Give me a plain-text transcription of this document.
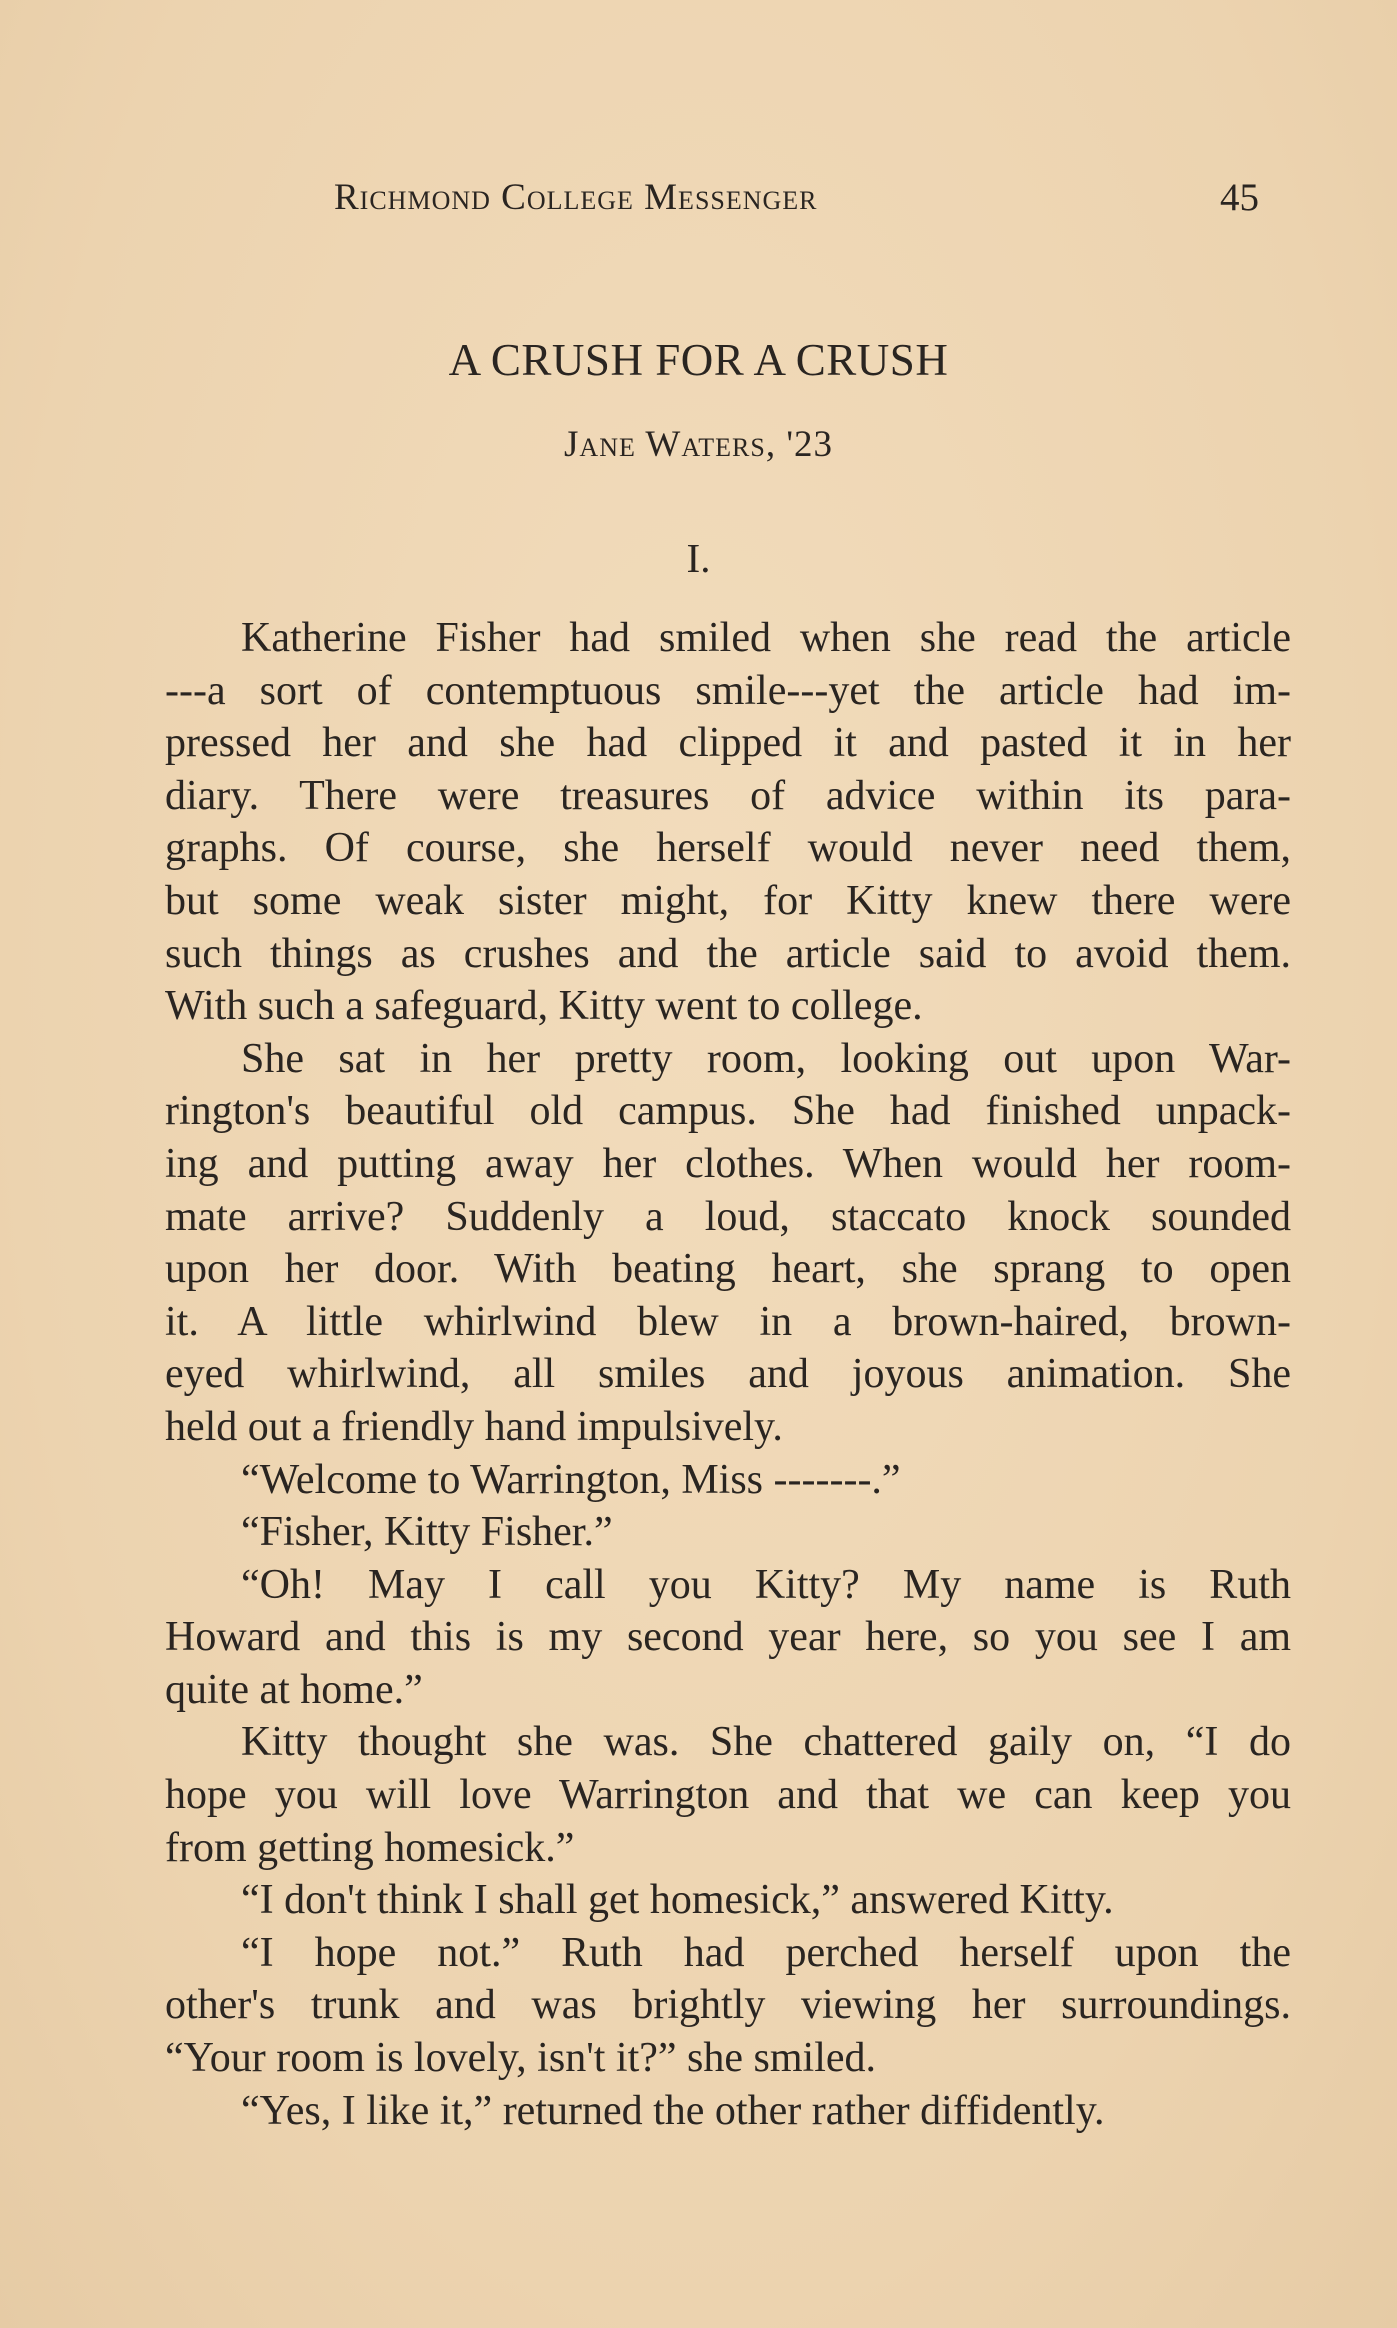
Richmond College Messenger	45
A CRUSH FOR A CRUSH
Jane Waters, '23
I.
Katherine Fisher had smiled when she read the article
---a sort of contemptuous smile---yet the article had im-
pressed her and she had clipped it and pasted it in her
diary. There were treasures of advice within its para-
graphs. Of course, she herself would never need them,
but some weak sister might, for Kitty knew there were
such things as crushes and the article said to avoid them.
With such a safeguard, Kitty went to college.
She sat in her pretty room, looking out upon War-
rington's beautiful old campus. She had finished unpack-
ing and putting away her clothes. When would her room-
mate arrive? Suddenly a loud, staccato knock sounded
upon her door. With beating heart, she sprang to open
it. A little whirlwind blew in a brown-haired, brown-
eyed whirlwind, all smiles and joyous animation. She
held out a friendly hand impulsively.
“Welcome to Warrington, Miss -------.”
“Fisher, Kitty Fisher.”
“Oh! May I call you Kitty? My name is Ruth
Howard and this is my second year here, so you see I am
quite at home.”
Kitty thought she was. She chattered gaily on, “I do
hope you will love Warrington and that we can keep you
from getting homesick.”
“I don't think I shall get homesick,” answered Kitty.
“I hope not.” Ruth had perched herself upon the
other's trunk and was brightly viewing her surroundings.
“Your room is lovely, isn't it?” she smiled.
“Yes, I like it,” returned the other rather diffidently.
